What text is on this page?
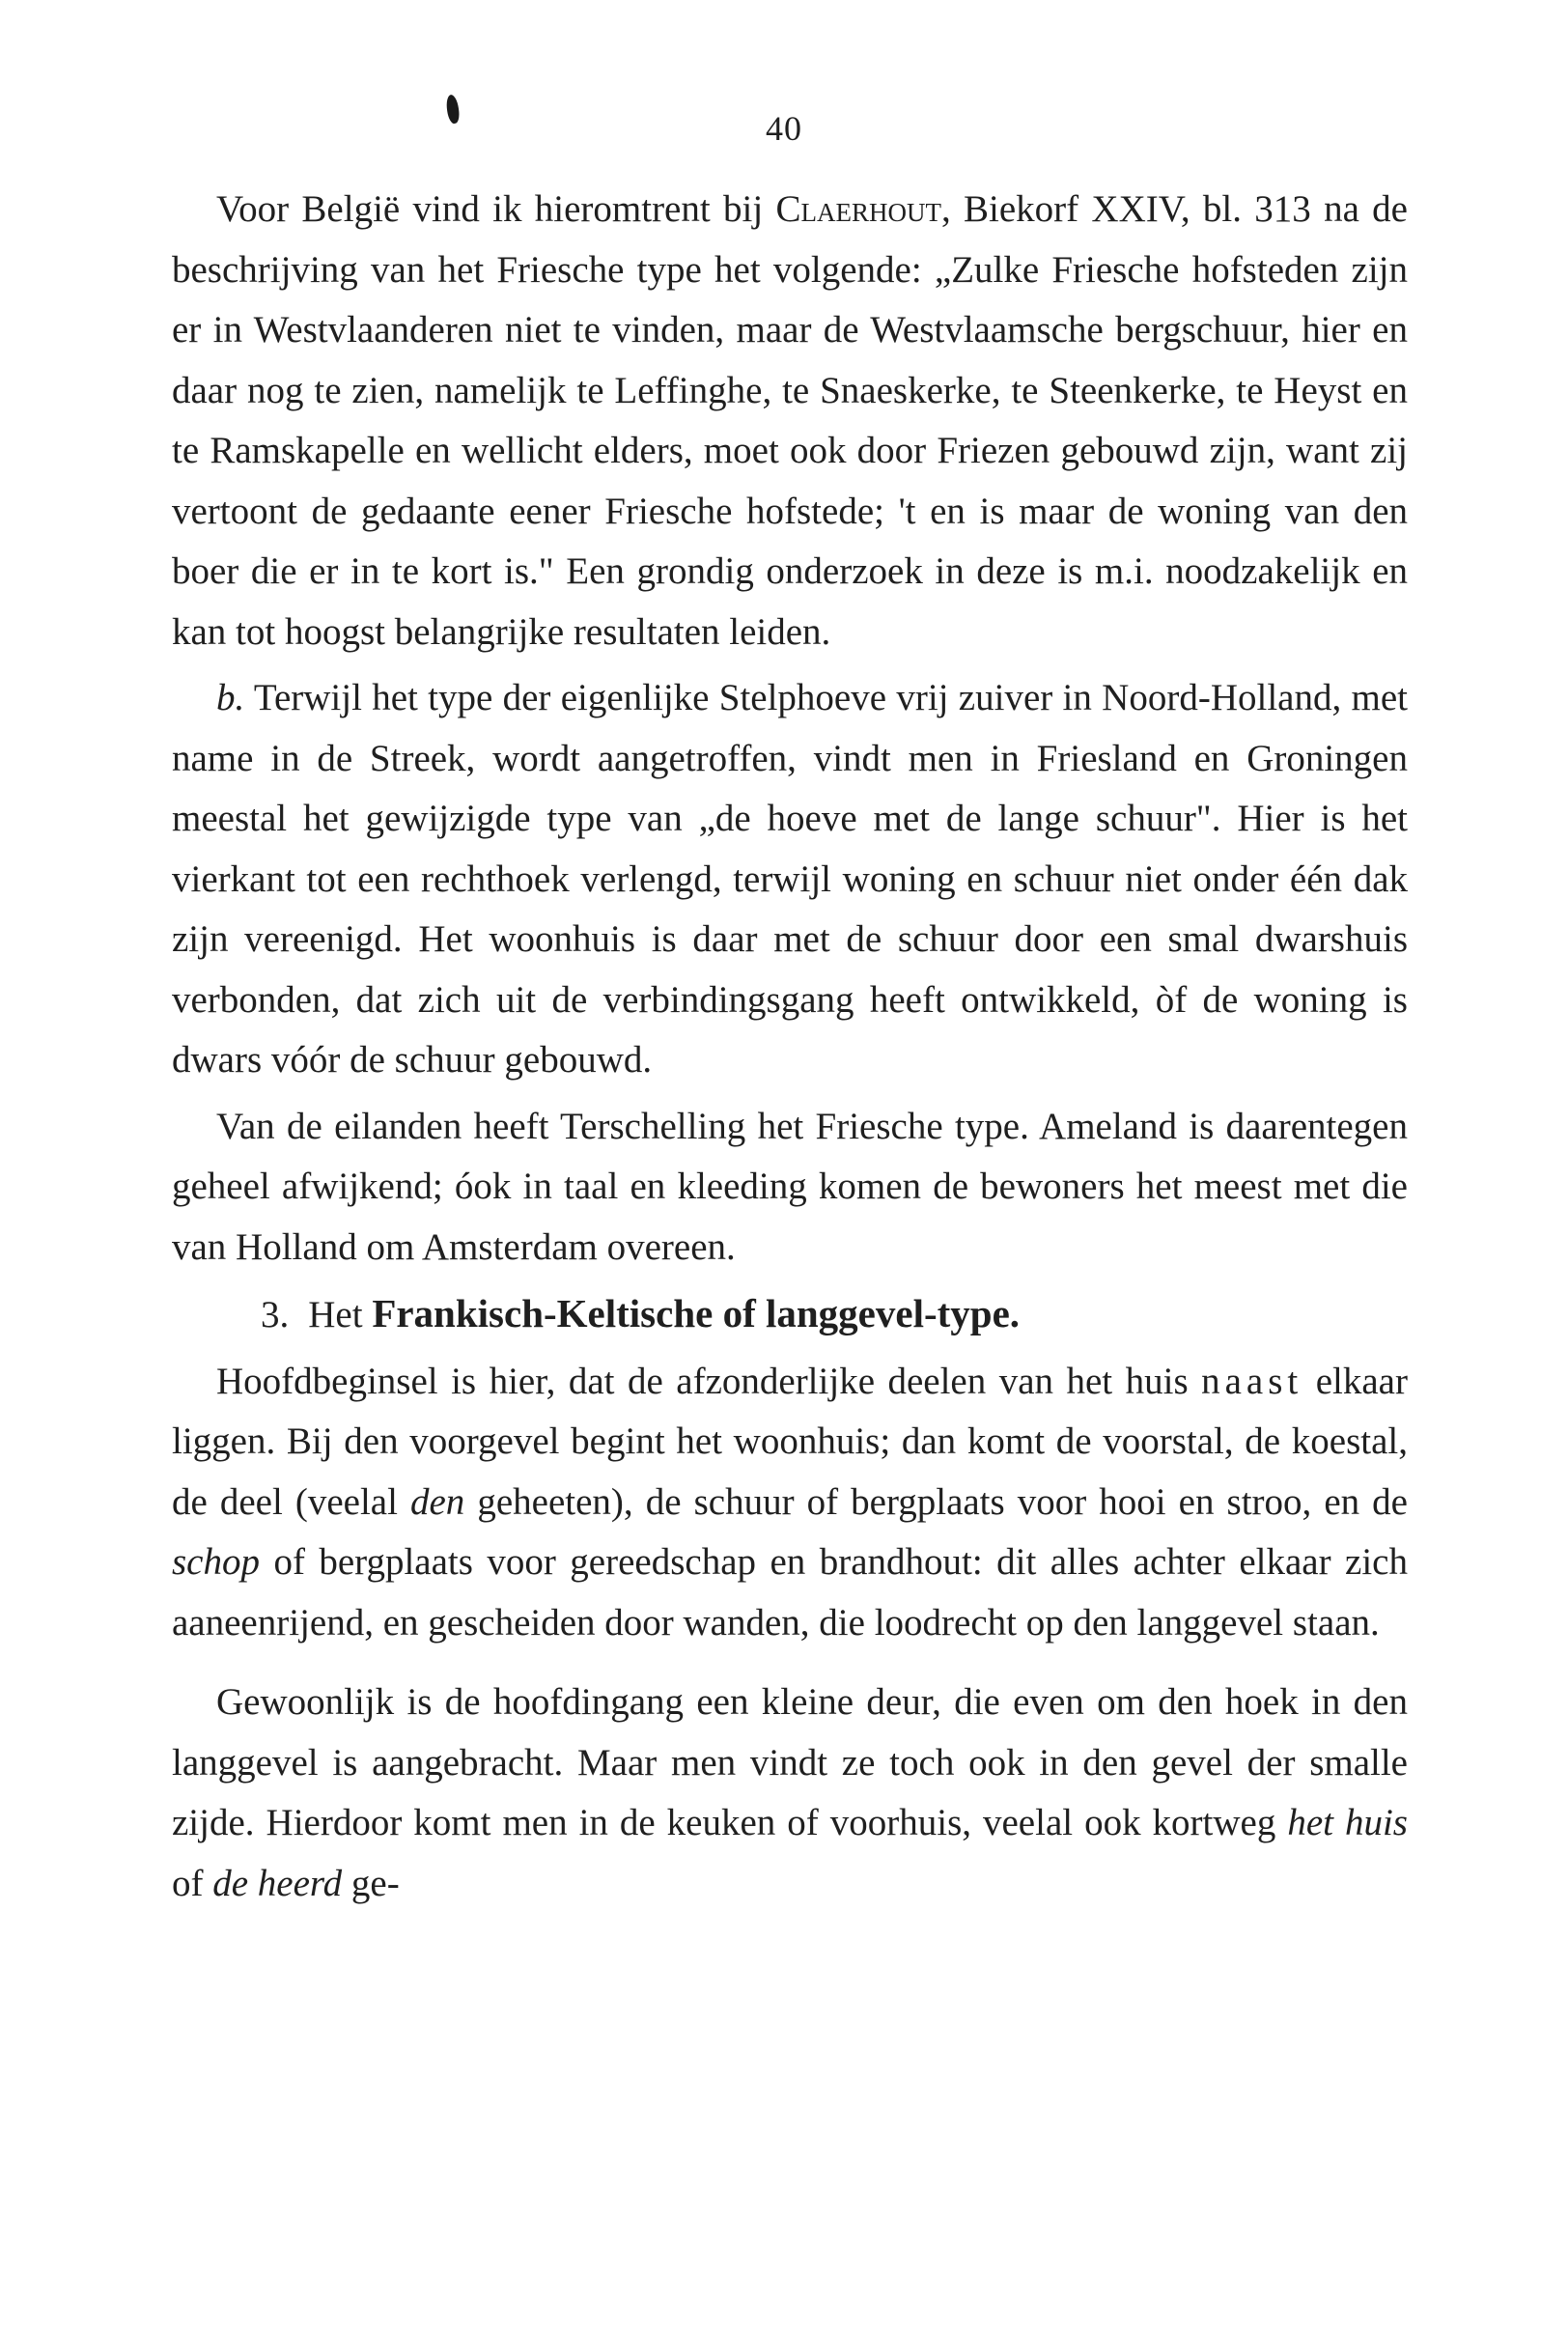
40

Voor België vind ik hieromtrent bij Claerhout, Biekorf XXIV, bl. 313 na de beschrijving van het Friesche type het volgende: „Zulke Friesche hofsteden zijn er in Westvlaanderen niet te vinden, maar de Westvlaamsche bergschuur, hier en daar nog te zien, namelijk te Leffinghe, te Snaeskerke, te Steenkerke, te Heyst en te Ramskapelle en wellicht elders, moet ook door Friezen gebouwd zijn, want zij vertoont de gedaante eener Friesche hofstede; 't en is maar de woning van den boer die er in te kort is." Een grondig onderzoek in deze is m.i. noodzakelijk en kan tot hoogst belangrijke resultaten leiden.

b. Terwijl het type der eigenlijke Stelphoeve vrij zuiver in Noord-Holland, met name in de Streek, wordt aangetroffen, vindt men in Friesland en Groningen meestal het gewijzigde type van „de hoeve met de lange schuur". Hier is het vierkant tot een rechthoek verlengd, terwijl woning en schuur niet onder één dak zijn vereenigd. Het woonhuis is daar met de schuur door een smal dwarshuis verbonden, dat zich uit de verbindingsgang heeft ontwikkeld, òf de woning is dwars vóór de schuur gebouwd.

Van de eilanden heeft Terschelling het Friesche type. Ameland is daarentegen geheel afwijkend; óok in taal en kleeding komen de bewoners het meest met die van Holland om Amsterdam overeen.

3. Het Frankisch-Keltische of langgevel-type.

Hoofdbeginsel is hier, dat de afzonderlijke deelen van het huis naast elkaar liggen. Bij den voorgevel begint het woonhuis; dan komt de voorstal, de koestal, de deel (veelal den geheeten), de schuur of bergplaats voor hooi en stroo, en de schop of bergplaats voor gereedschap en brandhout: dit alles achter elkaar zich aaneenrijend, en gescheiden door wanden, die loodrecht op den langgevel staan.

Gewoonlijk is de hoofdingang een kleine deur, die even om den hoek in den langgevel is aangebracht. Maar men vindt ze toch ook in den gevel der smalle zijde. Hierdoor komt men in de keuken of voorhuis, veelal ook kortweg het huis of de heerd ge-
